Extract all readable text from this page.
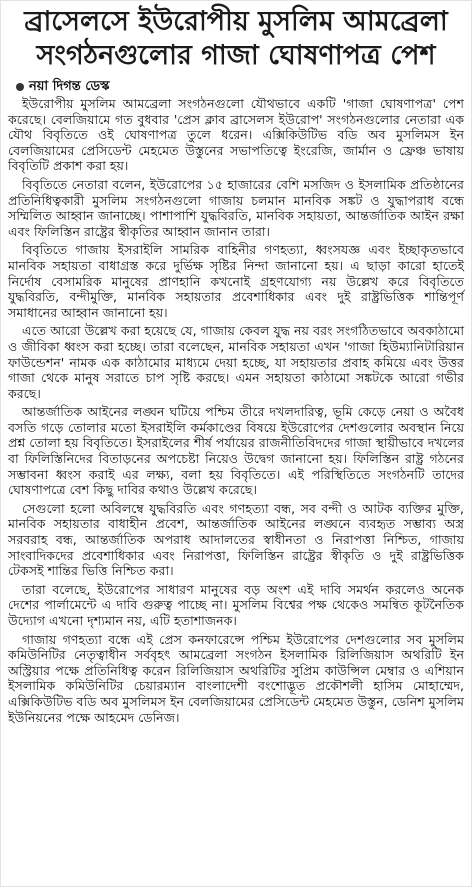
ব্রাসেলসে ইউরোপীয় মুসলিম আমব্রেলা
সংগঠনগুলোর গাজা ঘোষণাপত্র পেশ
নয়া দিগন্ত ডেস্ক

ইউরোপীয় মুসলিম আমব্রেলা সংগঠনগুলো যৌথভাবে একটি 'গাজা ঘোষণাপত্র' পেশ করেছে। বেলজিয়ামে গত বুধবার 'প্রেস ক্লাব ব্রাসেলস ইউরোপ' সংগঠনগুলোর নেতারা এক যৌথ বিবৃতিতে ওই ঘোষণাপত্র তুলে ধরেন। এক্সিকিউটিভ বডি অব মুসলিমস ইন বেলজিয়ামের প্রেসিডেন্ট মেহমেত উস্তুনের সভাপতিত্বে ইংরেজি, জার্মান ও ফ্রেঞ্চ ভাষায় বিবৃতিটি প্রকাশ করা হয়।

বিবৃতিতে নেতারা বলেন, ইউরোপের ১৫ হাজারের বেশি মসজিদ ও ইসলামিক প্রতিষ্ঠানের প্রতিনিধিত্বকারী মুসলিম সংগঠনগুলো গাজায় চলমান মানবিক সঙ্কট ও যুদ্ধাপরাধ বন্ধে সম্মিলিত আহ্বান জানাচ্ছে। পাশাপাশি যুদ্ধবিরতি, মানবিক সহায়তা, আন্তর্জাতিক আইন রক্ষা এবং ফিলিস্তিন রাষ্ট্রের স্বীকৃতির আহ্বান জানান তারা।

বিবৃতিতে গাজায় ইসরাইলি সামরিক বাহিনীর গণহত্যা, ধ্বংসযজ্ঞ এবং ইচ্ছাকৃতভাবে মানবিক সহায়তা বাধাগ্রস্ত করে দুর্ভিক্ষ সৃষ্টির নিন্দা জানানো হয়। এ ছাড়া কারো হাতেই নির্দোষ বেসামরিক মানুষের প্রাণহানি কখনোই গ্রহণযোগ্য নয় উল্লেখ করে বিবৃতিতে যুদ্ধবিরতি, বন্দীমুক্তি, মানবিক সহায়তার প্রবেশাধিকার এবং দুই রাষ্ট্রভিত্তিক শান্তিপূর্ণ সমাধানের আহ্বান জানানো হয়।

এতে আরো উল্লেখ করা হয়েছে যে, গাজায় কেবল যুদ্ধ নয় বরং সংগঠিতভাবে অবকাঠামো ও জীবিকা ধ্বংস করা হচ্ছে। তারা বলেছেন, মানবিক সহায়তা এখন 'গাজা হিউম্যানিটারিয়ান ফাউন্ডেশন' নামক এক কাঠামোর মাধ্যমে দেয়া হচ্ছে, যা সহায়তার প্রবাহ কমিয়ে এবং উত্তর গাজা থেকে মানুষ সরাতে চাপ সৃষ্টি করছে। এমন সহায়তা কাঠামো সঙ্কটকে আরো গভীর করছে।

আন্তর্জাতিক আইনের লঙ্ঘন ঘটিয়ে পশ্চিম তীরে দখলদারিত্ব, ভূমি কেড়ে নেয়া ও অবৈধ বসতি গড়ে তোলার মতো ইসরাইলি কর্মকাণ্ডের বিষয়ে ইউরোপের দেশগুলোর অবস্থান নিয়ে প্রশ্ন তোলা হয় বিবৃতিতে। ইসরাইলের শীর্ষ পর্যায়ের রাজনীতিবিদদের গাজা স্থায়ীভাবে দখলের বা ফিলিস্তিনিদের বিতাড়নের অপচেষ্টা নিয়েও উদ্বেগ জানানো হয়। ফিলিস্তিন রাষ্ট্র গঠনের সম্ভাবনা ধ্বংস করাই এর লক্ষ্য, বলা হয় বিবৃতিতে। এই পরিস্থিতিতে সংগঠনটি তাদের ঘোষণাপত্রে বেশ কিছু দাবির কথাও উল্লেখ করেছে।

সেগুলো হলো অবিলম্বে যুদ্ধবিরতি এবং গণহত্যা বন্ধ, সব বন্দী ও আটক ব্যক্তির মুক্তি, মানবিক সহায়তার বাধাহীন প্রবেশ, আন্তর্জাতিক আইনের লঙ্ঘনে ব্যবহৃত সম্ভাব্য অস্ত্র সরবরাহ বন্ধ, আন্তর্জাতিক অপরাধ আদালতের স্বাধীনতা ও নিরাপত্তা নিশ্চিত, গাজায় সাংবাদিকদের প্রবেশাধিকার এবং নিরাপত্তা, ফিলিস্তিন রাষ্ট্রের স্বীকৃতি ও দুই রাষ্ট্রভিত্তিক টেকসই শান্তির ভিত্তি নিশ্চিত করা।

তারা বলেছে, ইউরোপের সাধারণ মানুষের বড় অংশ এই দাবি সমর্থন করলেও অনেক দেশের পার্লামেন্টে এ দাবি গুরুত্ব পাচ্ছে না। মুসলিম বিশ্বের পক্ষ থেকেও সমন্বিত কূটনৈতিক উদ্যোগ এখনো দৃশ্যমান নয়, এটি হতাশাজনক।

গাজায় গণহত্যা বন্ধে এই প্রেস কনফারেন্সে পশ্চিম ইউরোপের দেশগুলোর সব মুসলিম কমিউনিটির নেতৃত্বাধীন সর্ববৃহৎ আমব্রেলা সংগঠন ইসলামিক রিলিজিয়াস অথরিটি ইন অস্ট্রিয়ার পক্ষে প্রতিনিধিত্ব করেন রিলিজিয়াস অথরিটির সুপ্রিম কাউন্সিল মেম্বার ও এশিয়ান ইসলামিক কমিউনিটির চেয়ারম্যান বাংলাদেশী বংশোদ্ভূত প্রকৌশলী হাসিম মোহাম্মেদ, এক্সিকিউটিভ বডি অব মুসলিমস ইন বেলজিয়ামের প্রেসিডেন্ট মেহমেত উস্তুন, ডেনিশ মুসলিম ইউনিয়নের পক্ষে আহমেদ ডেনিজ।
